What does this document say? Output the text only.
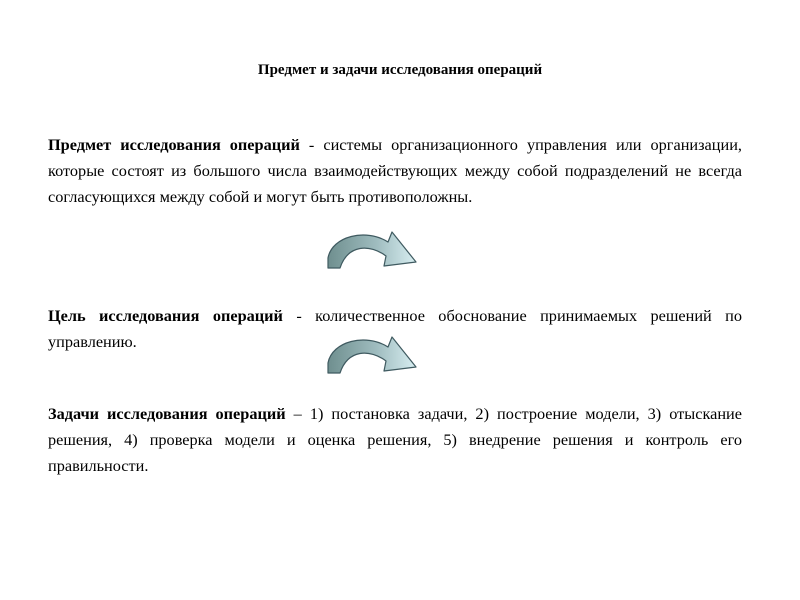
Предмет и задачи исследования операций
Предмет исследования операций - системы организационного управления или организации, которые состоят из большого числа взаимодействующих между собой подразделений не всегда согласующихся между собой и могут быть противоположны.
Цель исследования операций - количественное обоснование принимаемых решений по управлению.
Задачи исследования операций – 1) постановка задачи, 2) построение модели, 3) отыскание решения, 4) проверка модели и оценка решения, 5) внедрение решения и контроль его правильности.
